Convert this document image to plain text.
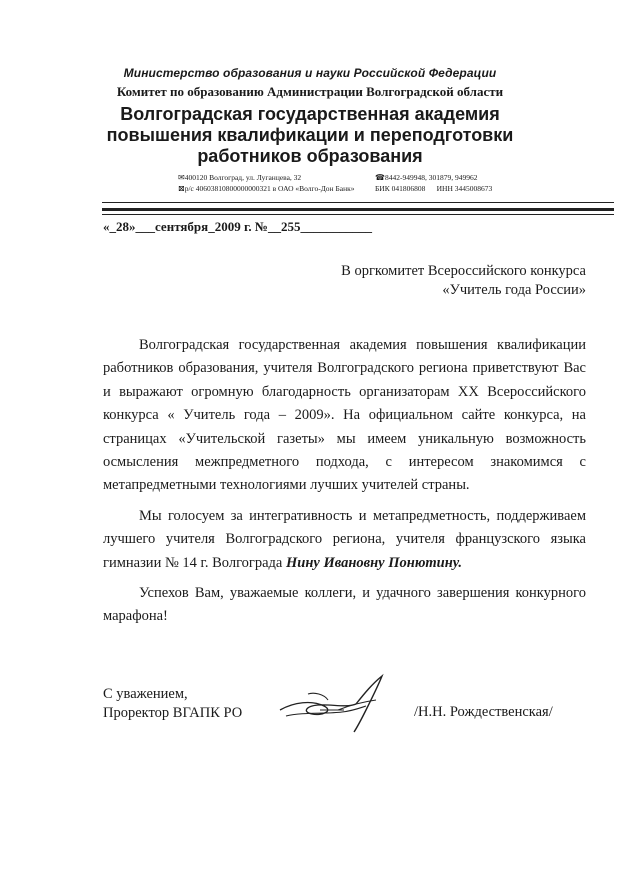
Министерство образования и науки Российской Федерации
Комитет по образованию Администрации Волгоградской области
Волгоградская государственная академия
повышения квалификации и переподготовки
работников образования
✉400120 Волгоград, ул. Луганцева, 32
⊠р/с 40603810800000000321 в ОАО «Волго-Дон Банк»
☎8442-949948, 301879, 949962
БИК 041806808 ИНН 3445008673
«_28»___сентября_2009 г. №__255___________
В оргкомитет Всероссийского конкурса
«Учитель года России»

Волгоградская государственная академия повышения квалификации работников образования, учителя Волгоградского региона приветствуют Вас и выражают огромную благодарность организаторам XX Всероссийского конкурса « Учитель года – 2009». На официальном сайте конкурса, на страницах «Учительской газеты» мы имеем уникальную возможность осмысления межпредметного подхода, с интересом знакомимся с метапредметными технологиями лучших учителей страны.

Мы голосуем за интегративность и метапредметность, поддерживаем лучшего учителя Волгоградского региона, учителя французского языка гимназии № 14 г. Волгограда Нину Ивановну Понютину.

Успехов Вам, уважаемые коллеги, и удачного завершения конкурного марафона!

С уважением,
Проректор ВГАПК РО	/Н.Н. Рождественская/
